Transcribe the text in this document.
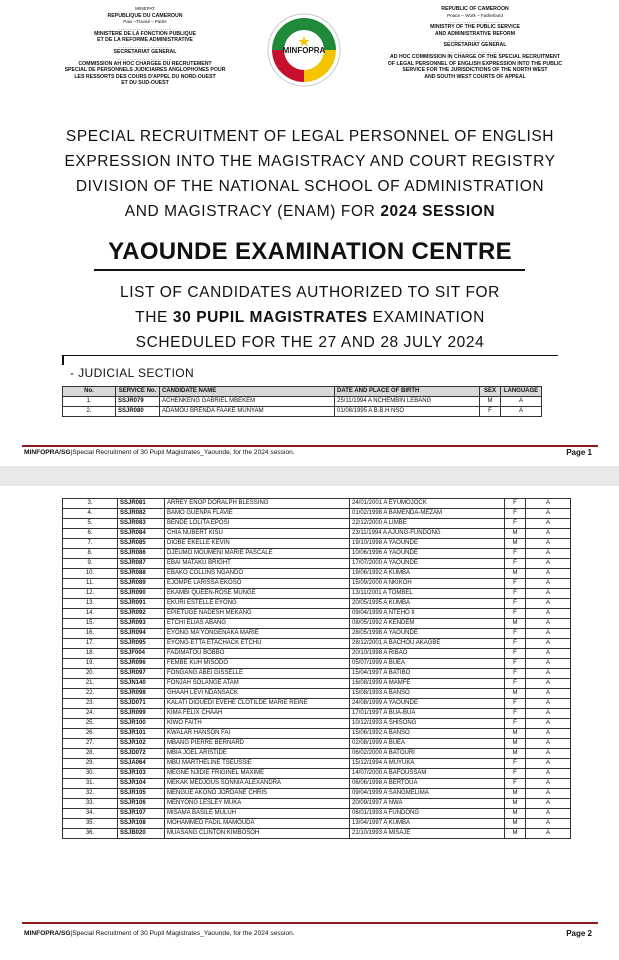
MINEPAT
REPUBLIQUE DU CAMEROUN
Paix –Travail – Patrie
-----------------------
MINISTERE DE LA FONCTION PUBLIQUE
ET DE LA REFORME ADMINISTRATIVE
-----------------------
SECRETARIAT GENERAL
-----------------------
COMMISSION AH HOC CHARGEE DU RECRUTEMENT
SPECIAL DE PERSONNELS JUDICIAIRES ANGLOPHONES POUR
LES RESSORTS DES COURS D'APPEL DU NORD-OUEST
ET DU SUD-OUEST
MINFOPRA
REPUBLIC OF CAMEROON
Peace – Work – Fatherland
-----------------------
MINISTRY OF THE PUBLIC SERVICE
AND ADMINISTRATIVE REFORM
-----------------------
SECRETARIAT GENERAL
-----------------------
AD HOC COMMISSION IN CHARGE OF THE SPECIAL RECRUITMENT
OF LEGAL PERSONNEL OF ENGLISH EXPRESSION INTO THE PUBLIC
SERVICE FOR THE JURISDICTIONS OF THE NORTH WEST
AND SOUTH WEST COURTS OF APPEAL
SPECIAL RECRUITMENT OF LEGAL PERSONNEL OF ENGLISH
EXPRESSION INTO THE MAGISTRACY AND COURT REGISTRY
DIVISION OF THE NATIONAL SCHOOL OF ADMINISTRATION
AND MAGISTRACY (ENAM) FOR 2024 SESSION
YAOUNDE EXAMINATION CENTRE
LIST OF CANDIDATES AUTHORIZED TO SIT FOR
THE 30 PUPIL MAGISTRATES EXAMINATION
SCHEDULED FOR THE 27 AND 28 JULY 2024
- JUDICIAL SECTION
No.	SERVICE No.	CANDIDATE NAME	DATE AND PLACE OF BIRTH	SEX	LANGUAGE
1.	SSJR079	ACHENKENG GABRIEL MBEKEM	25/11/1994 A NCHEMBIN LEBANG	M	A
2.	SSJR080	ADAMOU BRENDA FAAKE MUNYAM	01/08/1995 A B.B.H NSO	F	A
MINFOPRA/SG|Special Recruitment of 30 Pupil Magistrates_Yaounde, for the 2024 session.	Page 1
3.	SSJR081	ARREY ENOP DORALPH BLESSING	24/01/2001 A EYUMOJOCK	F	A
4.	SSJR082	BAMO GUENPA FLAVIE	01/02/1998 A BAMENDA-MEZAM	F	A
5.	SSJR083	BENDE LOLITA EPOSI	22/12/2000 A LIMBE	F	A
6.	SSJR084	CHIA NUBERT KISU	23/11/1994 A AJUNG-FUNDONG	M	A
7.	SSJR085	DIOBE EKELLE KEVIN	19/10/1998 A YAOUNDE	M	A
8.	SSJR086	DJEUMO MOUMENI MARIE PASCALE	10/06/1996 A YAOUNDE	F	A
9.	SSJR087	EBAI MATAKU BRIGHT	17/07/2000 A YAOUNDE	F	A
10.	SSJR088	EBAKO COLLINS NGANDO	19/06/1992 A KUMBA	M	A
11.	SSJR089	EJOMPE LARISSA EKOSO	15/09/2000 A NKIKOH	F	A
12.	SSJR090	EKAMBI QUEEN-ROSE MUNGE	13/11/2001 A TOMBEL	F	A
13.	SSJR091	EKURI ESTELLE EYONG	20/05/1995 A KUMBA	F	A
14.	SSJR092	EPIETUGE NADESH MEKANG	09/04/1999 A NTEHO II	F	A
15.	SSJR093	ETCHI ELIAS ABANG	08/05/1992 A KENDEM	M	A
16.	SSJR094	EYONG MA'YONGENAKA MARIE	28/05/1998 A YAOUNDE	F	A
17.	SSJR095	EYONG-ETTA ETACHACK ETCHU	28/12/2001 A BACHOU AKAGBE	F	A
18.	SSJF004	FADIMATOU BOBBO	20/10/1998 A RIBAO	F	A
19.	SSJR096	FEMBE KUH MISODO	05/07/1999 A BUEA	F	A
20.	SSJR097	FONGANG ABEI GISSELLE	15/04/1997 A BATIBO	F	A
21.	SSJN140	FONJAH SOLANGE ATAM	16/08/1999 A MAMFE	F	A
22.	SSJR098	GHAAH LEVI NDANSACK	15/08/1993 A BANSO	M	A
23.	SSJD071	KALATI DIOUEDI EVEHE CLOTILDE MARIE REINE	24/08/1999 A YAOUNDE	F	A
24.	SSJR099	KIMA FELIX CHAAH	17/01/1997 A BUA-BUA	F	A
25.	SSJR100	KIWO FAITH	10/12/1993 A SHISONG	F	A
26.	SSJR101	KWALAR HANSON FAI	15/06/1992 A BANSO	M	A
27.	SSJR102	MBANG PIERRE BERNARD	02/08/1999 A BUEA	M	A
28.	SSJD072	MBIA JOEL ARISTIDE	06/02/2000 A BATOURI	M	A
29.	SSJA064	MBU MARTHELINE TSEUSSIE	15/12/1994 A MUYUKA	F	A
30.	SSJR103	MEGNE NJIDIE FRIGINEL MAXIME	14/07/2000 A BAFOUSSAM	F	A
31.	SSJR104	MEKAK MEDJOUS SONNIA ALEXANDRA	06/06/1998 A BERTOUA	F	A
32.	SSJR105	MENGUE AKONO JORDANE CHRIS	09/04/1999 A SANGMELIMA	M	A
33.	SSJR106	MENYONG LESLEY MUKA	20/09/1997 A NWA	M	A
34.	SSJR107	MISAMA BASILE MULUH	06/01/1993 A FUNDONG	M	A
35.	SSJR108	MOHAMMED FADIL MAMOUDA	13/04/1997 A KUMBA	M	A
36.	SSJB020	MUASANG CLINTON KIMBOSOH	21/10/1993 A MISAJE	M	A
MINFOPRA/SG|Special Recruitment of 30 Pupil Magistrates_Yaounde, for the 2024 session.	Page 2
